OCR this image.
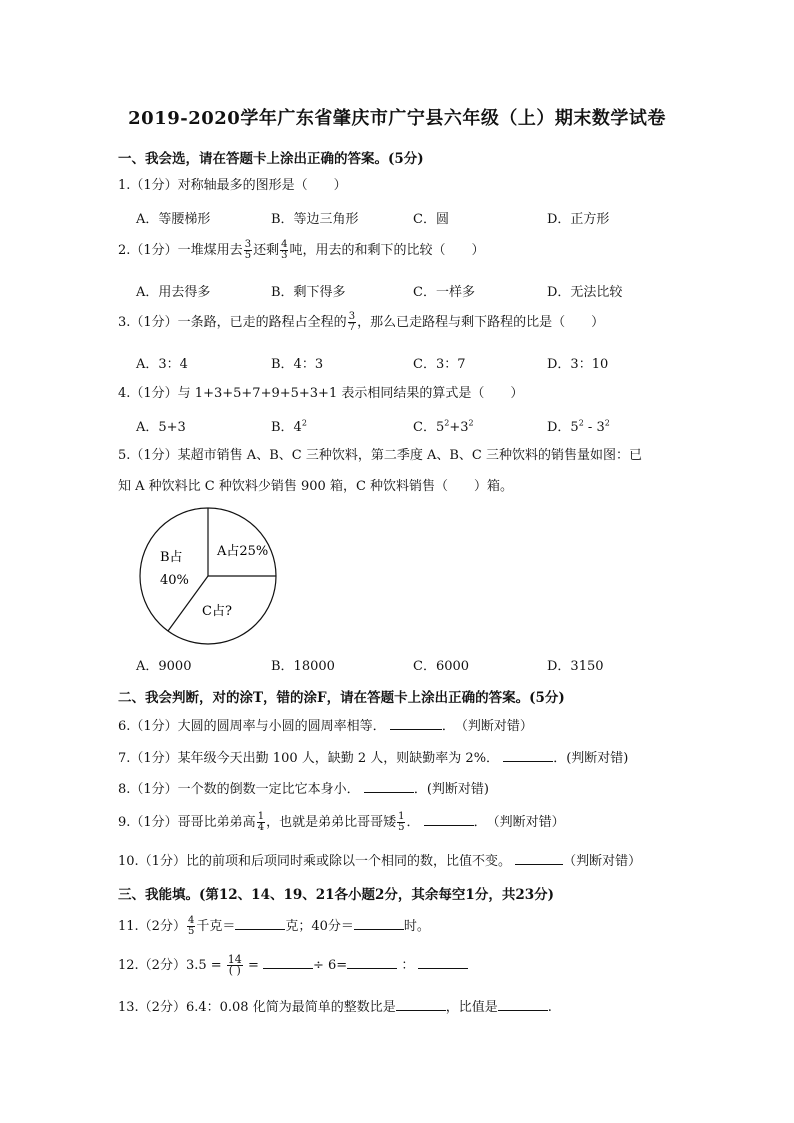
2019-2020学年广东省肇庆市广宁县六年级（上）期末数学试卷
一、我会选，请在答题卡上涂出正确的答案。(5分)
1.（1分）对称轴最多的图形是（　　）
A．等腰梯形	B．等边三角形	C．圆	D．正方形
2.（1分）一堆煤用去 $\frac{3}{5}$ 还剩 $\frac{4}{3}$ 吨，用去的和剩下的比较（　　）
A．用去得多	B．剩下得多	C．一样多	D．无法比较
3.（1分）一条路，已走的路程占全程的 $\frac{3}{7}$ ，那么已走路程与剩下路程的比是（　　）
A．3：4	B．4：3	C．3：7	D．3：10
4.（1分）与 1+3+5+7+9+5+3+1 表示相同结果的算式是（　　）
A．5+3	B．$4^2$	C．$5^2+3^2$	D．$5^2 - 3^2$
5.（1分）某超市销售 A、B、C 三种饮料，第二季度 A、B、C 三种饮料的销售量如图：已
知 A 种饮料比 C 种饮料少销售 900 箱，C 种饮料销售（　　）箱。
A占25%
B占
40%
C占?
A．9000	B．18000	C．6000	D．3150
二、我会判断，对的涂T，错的涂F，请在答题卡上涂出正确的答案。(5分)
6.（1分）大圆的圆周率与小圆的圆周率相等．	．　（判断对错）
7.（1分）某年级今天出勤 100 人，缺勤 2 人，则缺勤率为 2%．	．(判断对错)
8.（1分）一个数的倒数一定比它本身小．	．(判断对错)
9.（1分）哥哥比弟弟高 $\frac{1}{4}$ ，也就是弟弟比哥哥矮 $\frac{1}{5}$ ．	．　（判断对错）
10.（1分）比的前项和后项同时乘或除以一个相同的数，比值不变。	（判断对错）
三、我能填。(第12、14、19、21各小题2分，其余每空1分，共23分)
11.（2分） $\frac{4}{5}$ 千克＝	克；40分＝	时。
12.（2分）$3.5 = \frac{14}{( )}$ =	÷ 6=	：
13.（2分）6.4：0.08 化简为最简单的整数比是	，比值是	.
